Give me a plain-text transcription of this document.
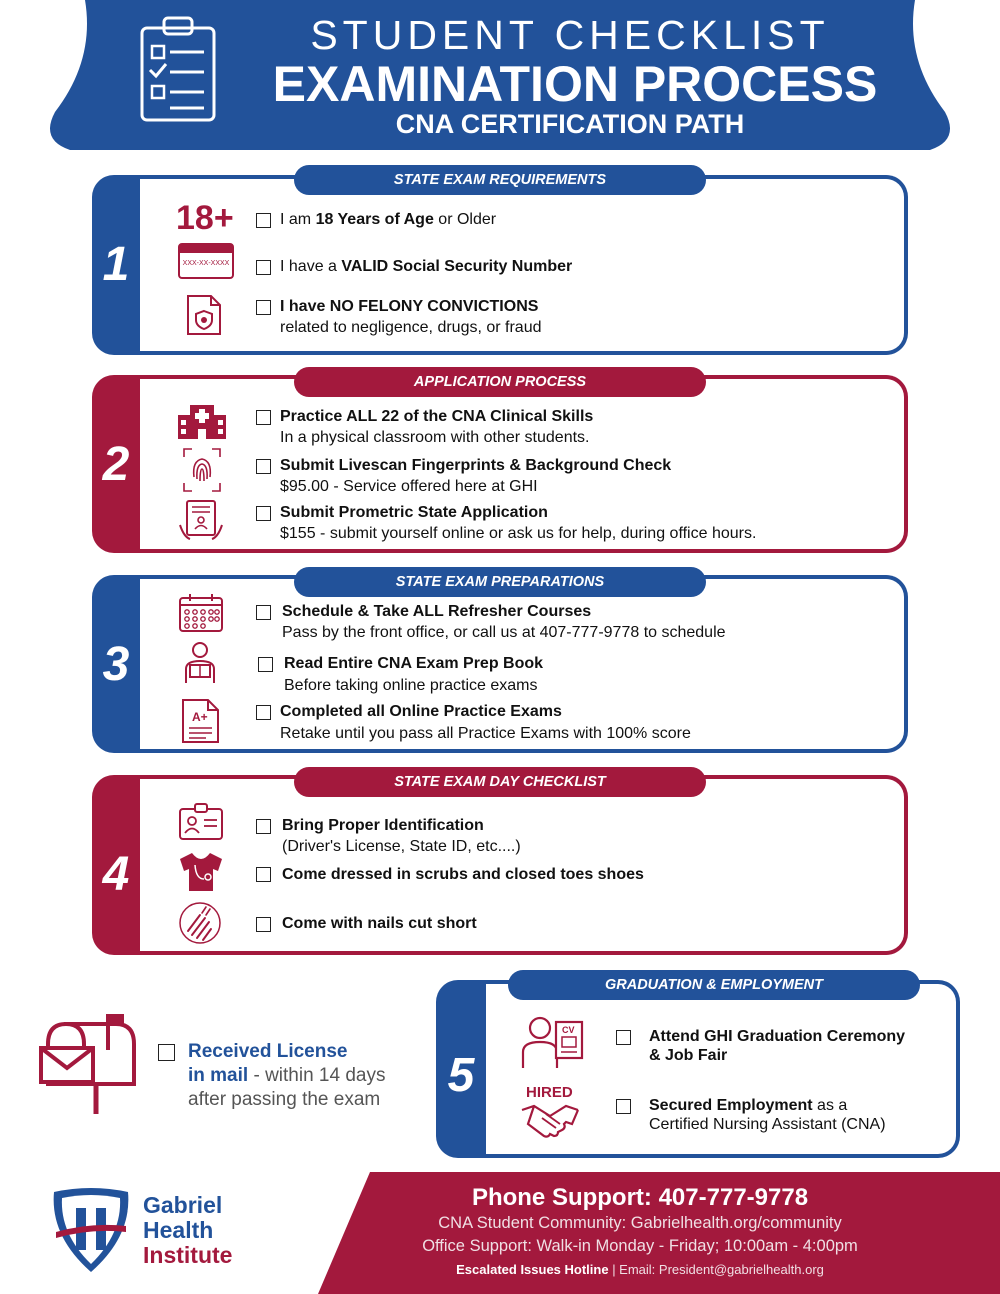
STUDENT CHECKLIST
EXAMINATION PROCESS
CNA CERTIFICATION PATH
1
STATE EXAM REQUIREMENTS
18+	I am 18 Years of Age or Older
XXX-XX-XXXX	I have a VALID Social Security Number
I have NO FELONY CONVICTIONS
related to negligence, drugs, or fraud
2
APPLICATION PROCESS
Practice ALL 22 of the CNA Clinical Skills
In a physical classroom with other students.
Submit Livescan Fingerprints & Background Check
$95.00 - Service offered here at GHI
Submit Prometric State Application
$155 - submit yourself online or ask us for help, during office hours.
3
STATE EXAM PREPARATIONS
Schedule & Take ALL Refresher Courses
Pass by the front office, or call us at 407-777-9778 to schedule
Read Entire CNA Exam Prep Book
Before taking online practice exams
A+	Completed all Online Practice Exams
Retake until you pass all Practice Exams with 100% score
4
STATE EXAM DAY CHECKLIST
Bring Proper Identification
(Driver's License, State ID, etc....)
Come dressed in scrubs and closed toes shoes
Come with nails cut short
Received License
in mail - within 14 days
after passing the exam 5
GRADUATION & EMPLOYMENT
CV	Attend GHI Graduation Ceremony
& Job Fair
HIRED
Secured Employment as a
Certified Nursing Assistant (CNA)
Gabriel
Health
Institute
Phone Support: 407-777-9778
CNA Student Community: Gabrielhealth.org/community
Office Support: Walk-in Monday - Friday; 10:00am - 4:00pm
Escalated Issues Hotline | Email: President@gabrielhealth.org
